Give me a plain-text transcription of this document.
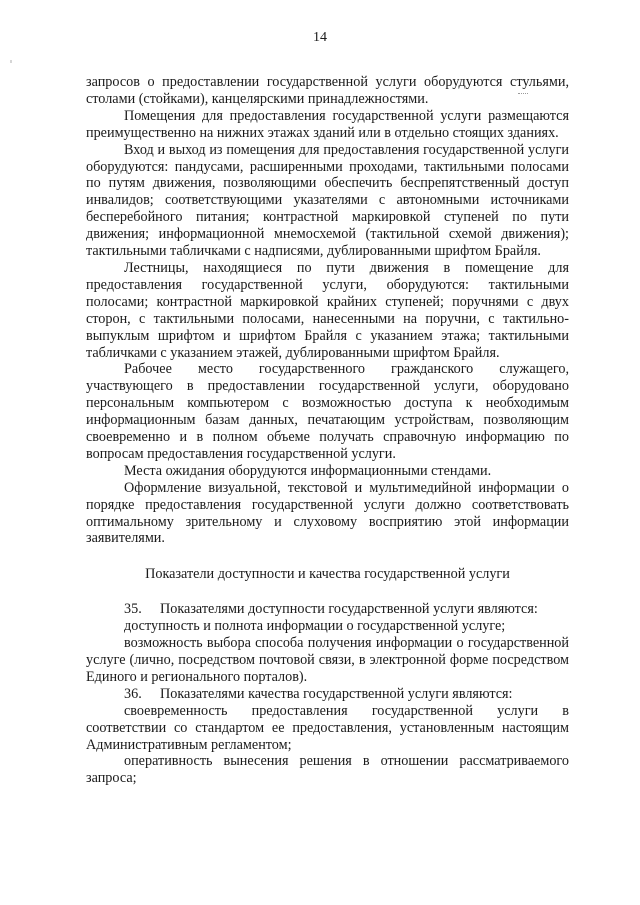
14

запросов о предоставлении государственной услуги оборудуются стульями, столами (стойками), канцелярскими принадлежностями.

Помещения для предоставления государственной услуги размещаются преимущественно на нижних этажах зданий или в отдельно стоящих зданиях.

Вход и выход из помещения для предоставления государственной услуги оборудуются: пандусами, расширенными проходами, тактильными полосами по путям движения, позволяющими обеспечить беспрепятственный доступ инвалидов; соответствующими указателями с автономными источниками бесперебойного питания; контрастной маркировкой ступеней по пути движения; информационной мнемосхемой (тактильной схемой движения); тактильными табличками с надписями, дублированными шрифтом Брайля.

Лестницы, находящиеся по пути движения в помещение для предоставления государственной услуги, оборудуются: тактильными полосами; контрастной маркировкой крайних ступеней; поручнями с двух сторон, с тактильными полосами, нанесенными на поручни, с тактильно-выпуклым шрифтом и шрифтом Брайля с указанием этажа; тактильными табличками с указанием этажей, дублированными шрифтом Брайля.

Рабочее место государственного гражданского служащего, участвующего в предоставлении государственной услуги, оборудовано персональным компьютером с возможностью доступа к необходимым информационным базам данных, печатающим устройствам, позволяющим своевременно и в полном объеме получать справочную информацию по вопросам предоставления государственной услуги.

Места ожидания оборудуются информационными стендами.

Оформление визуальной, текстовой и мультимедийной информации о порядке предоставления государственной услуги должно соответствовать оптимальному зрительному и слуховому восприятию этой информации заявителями.

Показатели доступности и качества государственной услуги
35.	Показателями доступности государственной услуги являются:

доступность и полнота информации о государственной услуге;

возможность выбора способа получения информации о государственной услуге (лично, посредством почтовой связи, в электронной форме посредством Единого и регионального порталов).

36.	Показателями качества государственной услуги являются:

своевременность предоставления государственной услуги в соответствии со стандартом ее предоставления, установленным настоящим Административным регламентом;

оперативность вынесения решения в отношении рассматриваемого запроса;
